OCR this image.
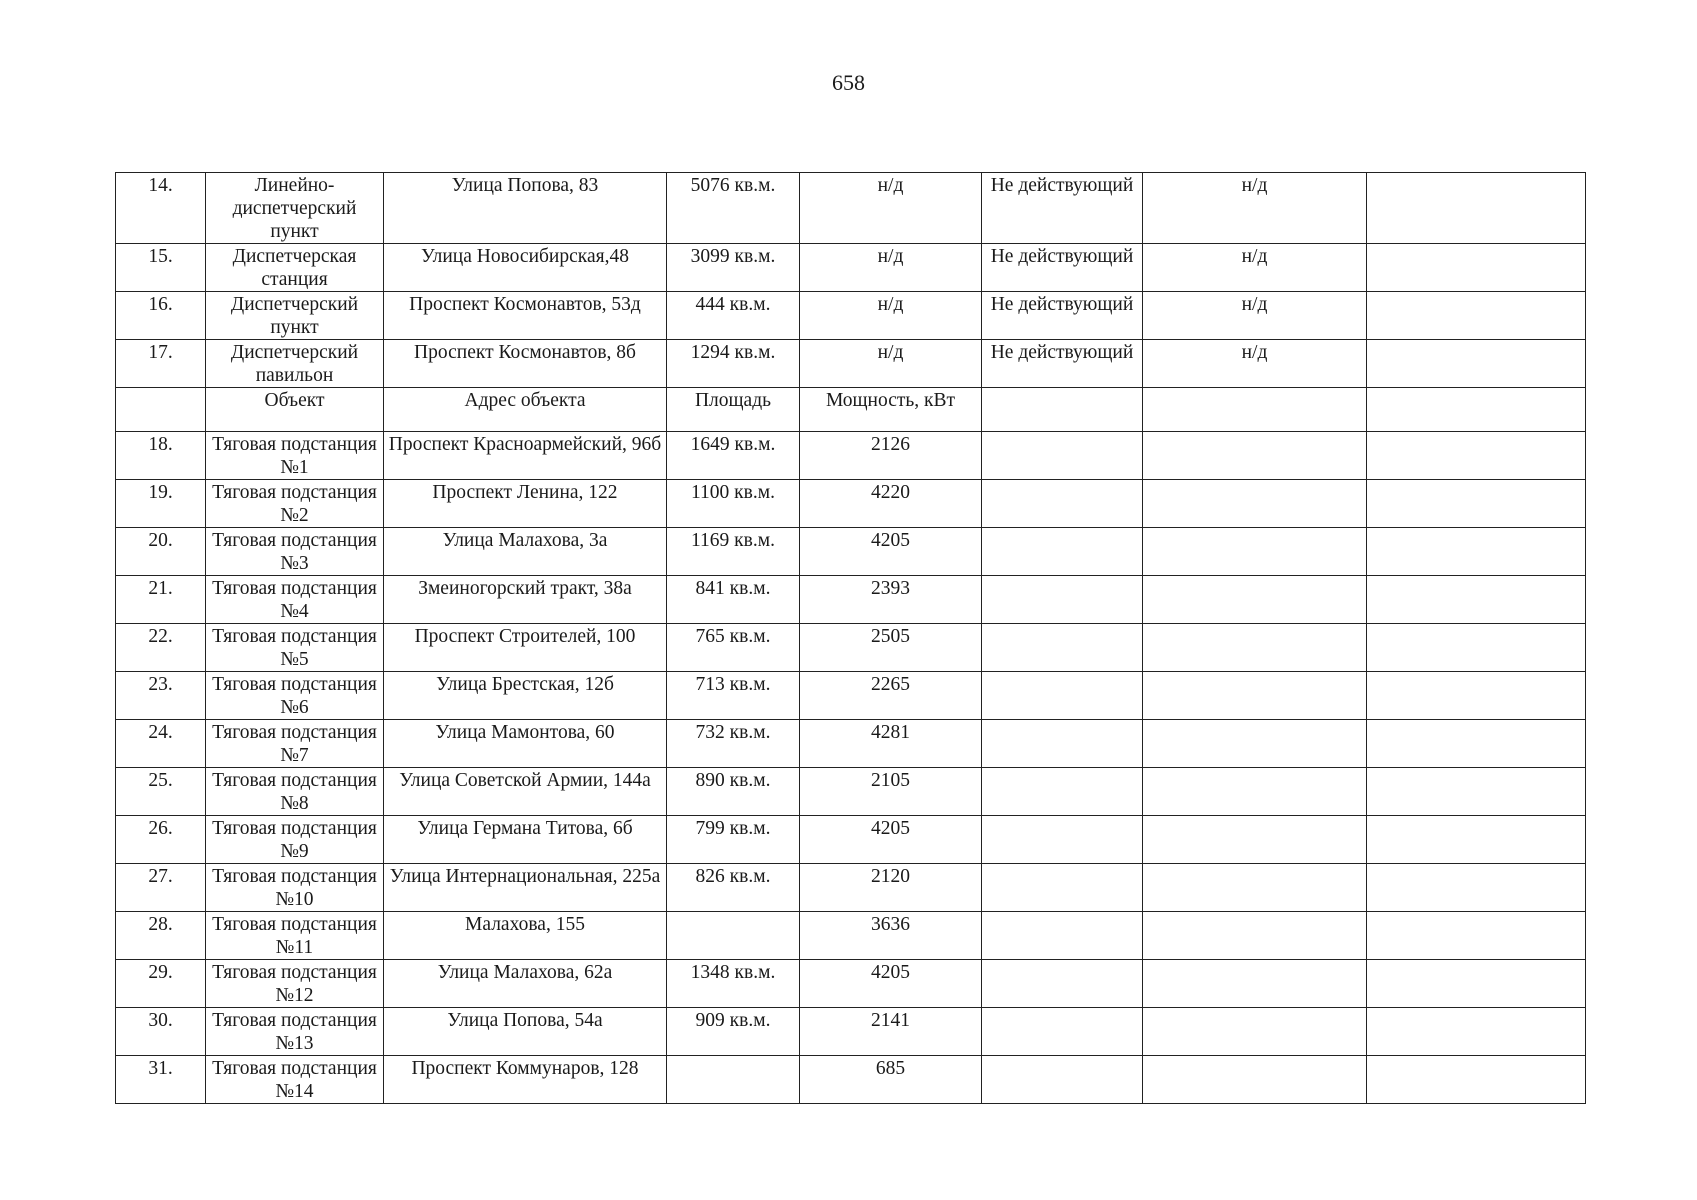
658
14.	Линейно-диспетчерский пункт	Улица Попова, 83	5076 кв.м.	н/д	Не действующий	н/д	
15.	Диспетчерская станция	Улица Новосибирская,48	3099 кв.м.	н/д	Не действующий	н/д	
16.	Диспетчерский пункт	Проспект Космонавтов, 53д	444 кв.м.	н/д	Не действующий	н/д	
17.	Диспетчерский павильон	Проспект Космонавтов, 8б	1294 кв.м.	н/д	Не действующий	н/д	
	Объект	Адрес объекта	Площадь	Мощность, кВт			
18.	Тяговая подстанция №1	Проспект Красноармейский, 96б	1649 кв.м.	2126			
19.	Тяговая подстанция №2	Проспект Ленина, 122	1100 кв.м.	4220			
20.	Тяговая подстанция №3	Улица Малахова, 3а	1169 кв.м.	4205			
21.	Тяговая подстанция №4	Змеиногорский тракт, 38а	841 кв.м.	2393			
22.	Тяговая подстанция №5	Проспект Строителей, 100	765 кв.м.	2505			
23.	Тяговая подстанция №6	Улица Брестская, 12б	713 кв.м.	2265			
24.	Тяговая подстанция №7	Улица Мамонтова, 60	732 кв.м.	4281			
25.	Тяговая подстанция №8	Улица Советской Армии, 144а	890 кв.м.	2105			
26.	Тяговая подстанция №9	Улица Германа Титова, 6б	799 кв.м.	4205			
27.	Тяговая подстанция №10	Улица Интернациональная, 225а	826 кв.м.	2120			
28.	Тяговая подстанция №11	Малахова, 155		3636			
29.	Тяговая подстанция №12	Улица Малахова, 62а	1348 кв.м.	4205			
30.	Тяговая подстанция №13	Улица Попова, 54а	909 кв.м.	2141			
31.	Тяговая подстанция №14	Проспект Коммунаров, 128		685			
